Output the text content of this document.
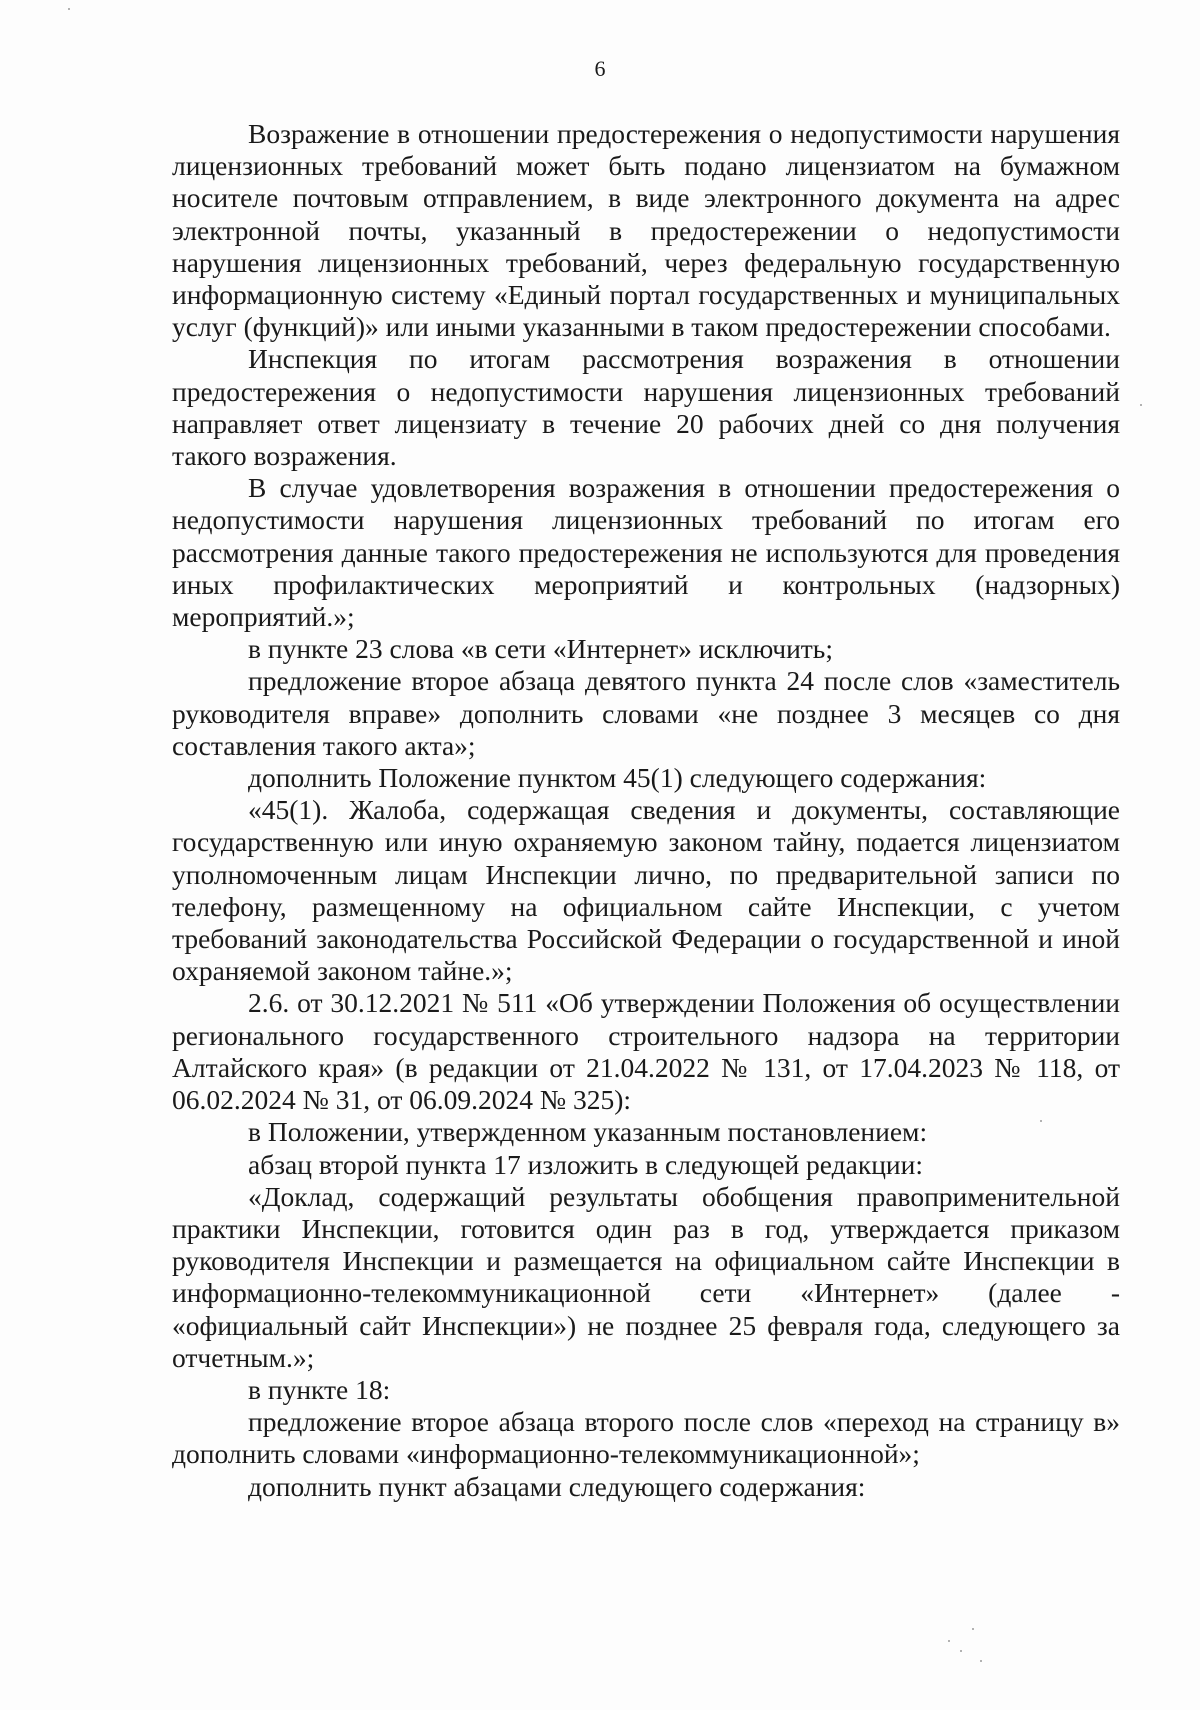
6

Возражение в отношении предостережения о недопустимости нарушения лицензионных требований может быть подано лицензиатом на бумажном носителе почтовым отправлением, в виде электронного документа на адрес электронной почты, указанный в предостережении о недопустимости нарушения лицензионных требований, через федеральную государственную информационную систему «Единый портал государственных и муниципальных услуг (функций)» или иными указанными в таком предостережении способами.

Инспекция по итогам рассмотрения возражения в отношении предостережения о недопустимости нарушения лицензионных требований направляет ответ лицензиату в течение 20 рабочих дней со дня получения такого возражения.

В случае удовлетворения возражения в отношении предостережения о недопустимости нарушения лицензионных требований по итогам его рассмотрения данные такого предостережения не используются для проведения иных профилактических мероприятий и контрольных (надзорных) мероприятий.»;

в пункте 23 слова «в сети «Интернет» исключить;

предложение второе абзаца девятого пункта 24 после слов «заместитель руководителя вправе» дополнить словами «не позднее 3 месяцев со дня составления такого акта»;

дополнить Положение пунктом 45(1) следующего содержания:

«45(1). Жалоба, содержащая сведения и документы, составляющие государственную или иную охраняемую законом тайну, подается лицензиатом уполномоченным лицам Инспекции лично, по предварительной записи по телефону, размещенному на официальном сайте Инспекции, с учетом требований законодательства Российской Федерации о государственной и иной охраняемой законом тайне.»;

2.6. от 30.12.2021 № 511 «Об утверждении Положения об осуществлении регионального государственного строительного надзора на территории Алтайского края» (в редакции от 21.04.2022 № 131, от 17.04.2023 № 118, от 06.02.2024 № 31, от 06.09.2024 № 325):

в Положении, утвержденном указанным постановлением:

абзац второй пункта 17 изложить в следующей редакции:

«Доклад, содержащий результаты обобщения правоприменительной практики Инспекции, готовится один раз в год, утверждается приказом руководителя Инспекции и размещается на официальном сайте Инспекции в информационно-телекоммуникационной сети «Интернет» (далее - «официальный сайт Инспекции») не позднее 25 февраля года, следующего за отчетным.»;

в пункте 18:

предложение второе абзаца второго после слов «переход на страницу в» дополнить словами «информационно-телекоммуникационной»;

дополнить пункт абзацами следующего содержания:
